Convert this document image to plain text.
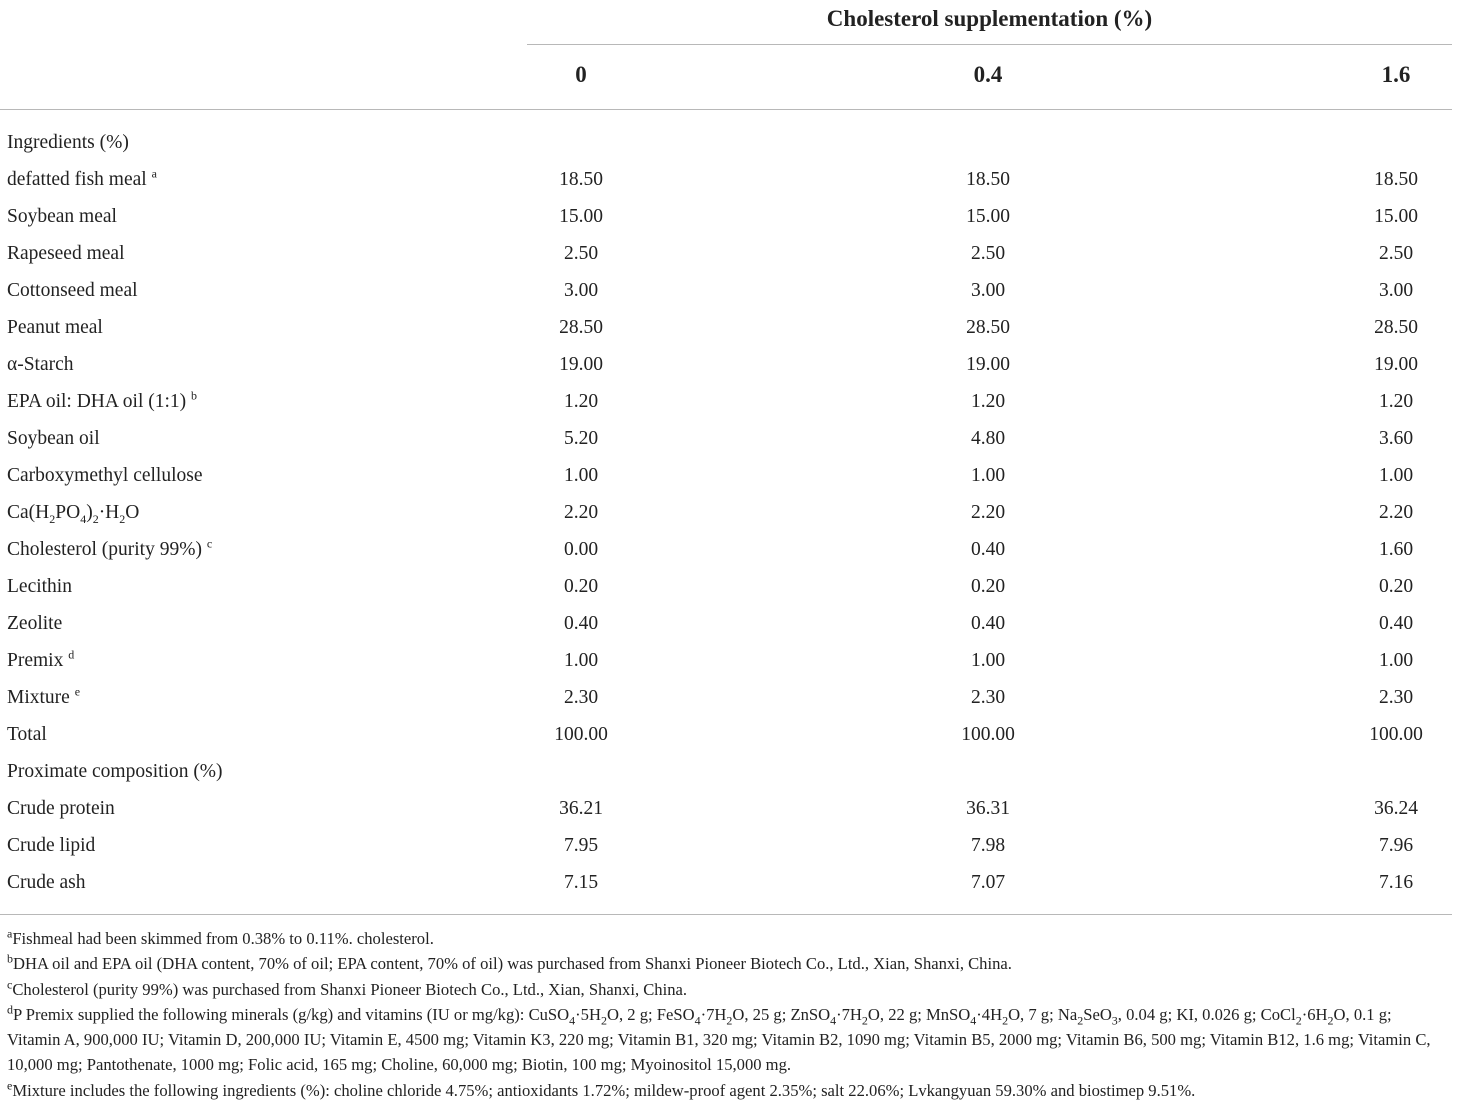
Cholesterol supplementation (%)
0	0.4	1.6
Ingredients (%)
defatted fish meal $^a$	18.50	18.50	18.50
Soybean meal	15.00	15.00	15.00
Rapeseed meal	2.50	2.50	2.50
Cottonseed meal	3.00	3.00	3.00
Peanut meal	28.50	28.50	28.50
α-Starch	19.00	19.00	19.00
EPA oil: DHA oil (1:1) $^b$	1.20	1.20	1.20
Soybean oil	5.20	4.80	3.60
Carboxymethyl cellulose	1.00	1.00	1.00
$Ca(H_2PO_4)_2\cdot H_2O$	2.20	2.20	2.20
Cholesterol (purity 99%) $^c$	0.00	0.40	1.60
Lecithin	0.20	0.20	0.20
Zeolite	0.40	0.40	0.40
Premix $^d$	1.00	1.00	1.00
Mixture $^e$	2.30	2.30	2.30
Total	100.00	100.00	100.00
Proximate composition (%)
Crude protein	36.21	36.31	36.24
Crude lipid	7.95	7.98	7.96
Crude ash	7.15	7.07	7.16

$^a$Fishmeal had been skimmed from 0.38% to 0.11%. cholesterol.

$^b$DHA oil and EPA oil (DHA content, 70% of oil; EPA content, 70% of oil) was purchased from Shanxi Pioneer Biotech Co., Ltd., Xian, Shanxi, China.

$^c$Cholesterol (purity 99%) was purchased from Shanxi Pioneer Biotech Co., Ltd., Xian, Shanxi, China.

$^d$P Premix supplied the following minerals (g/kg) and vitamins (IU or mg/kg): $CuSO_4\cdot 5H_2O$, 2 g; $FeSO_4\cdot 7H_2O$, 25 g; $ZnSO_4\cdot 7H_2O$, 22 g; $MnSO_4\cdot 4H_2O$, 7 g; $Na_2SeO_3$, 0.04 g; KI, 0.026 g; $CoCl_2\cdot 6H_2O$, 0.1 g; Vitamin A, 900,000 IU; Vitamin D, 200,000 IU; Vitamin E, 4500 mg; Vitamin K3, 220 mg; Vitamin B1, 320 mg; Vitamin B2, 1090 mg; Vitamin B5, 2000 mg; Vitamin B6, 500 mg; Vitamin B12, 1.6 mg; Vitamin C, 10,000 mg; Pantothenate, 1000 mg; Folic acid, 165 mg; Choline, 60,000 mg; Biotin, 100 mg; Myoinositol 15,000 mg.

$^e$Mixture includes the following ingredients (%): choline chloride 4.75%; antioxidants 1.72%; mildew-proof agent 2.35%; salt 22.06%; Lvkangyuan 59.30% and biostimep 9.51%.
